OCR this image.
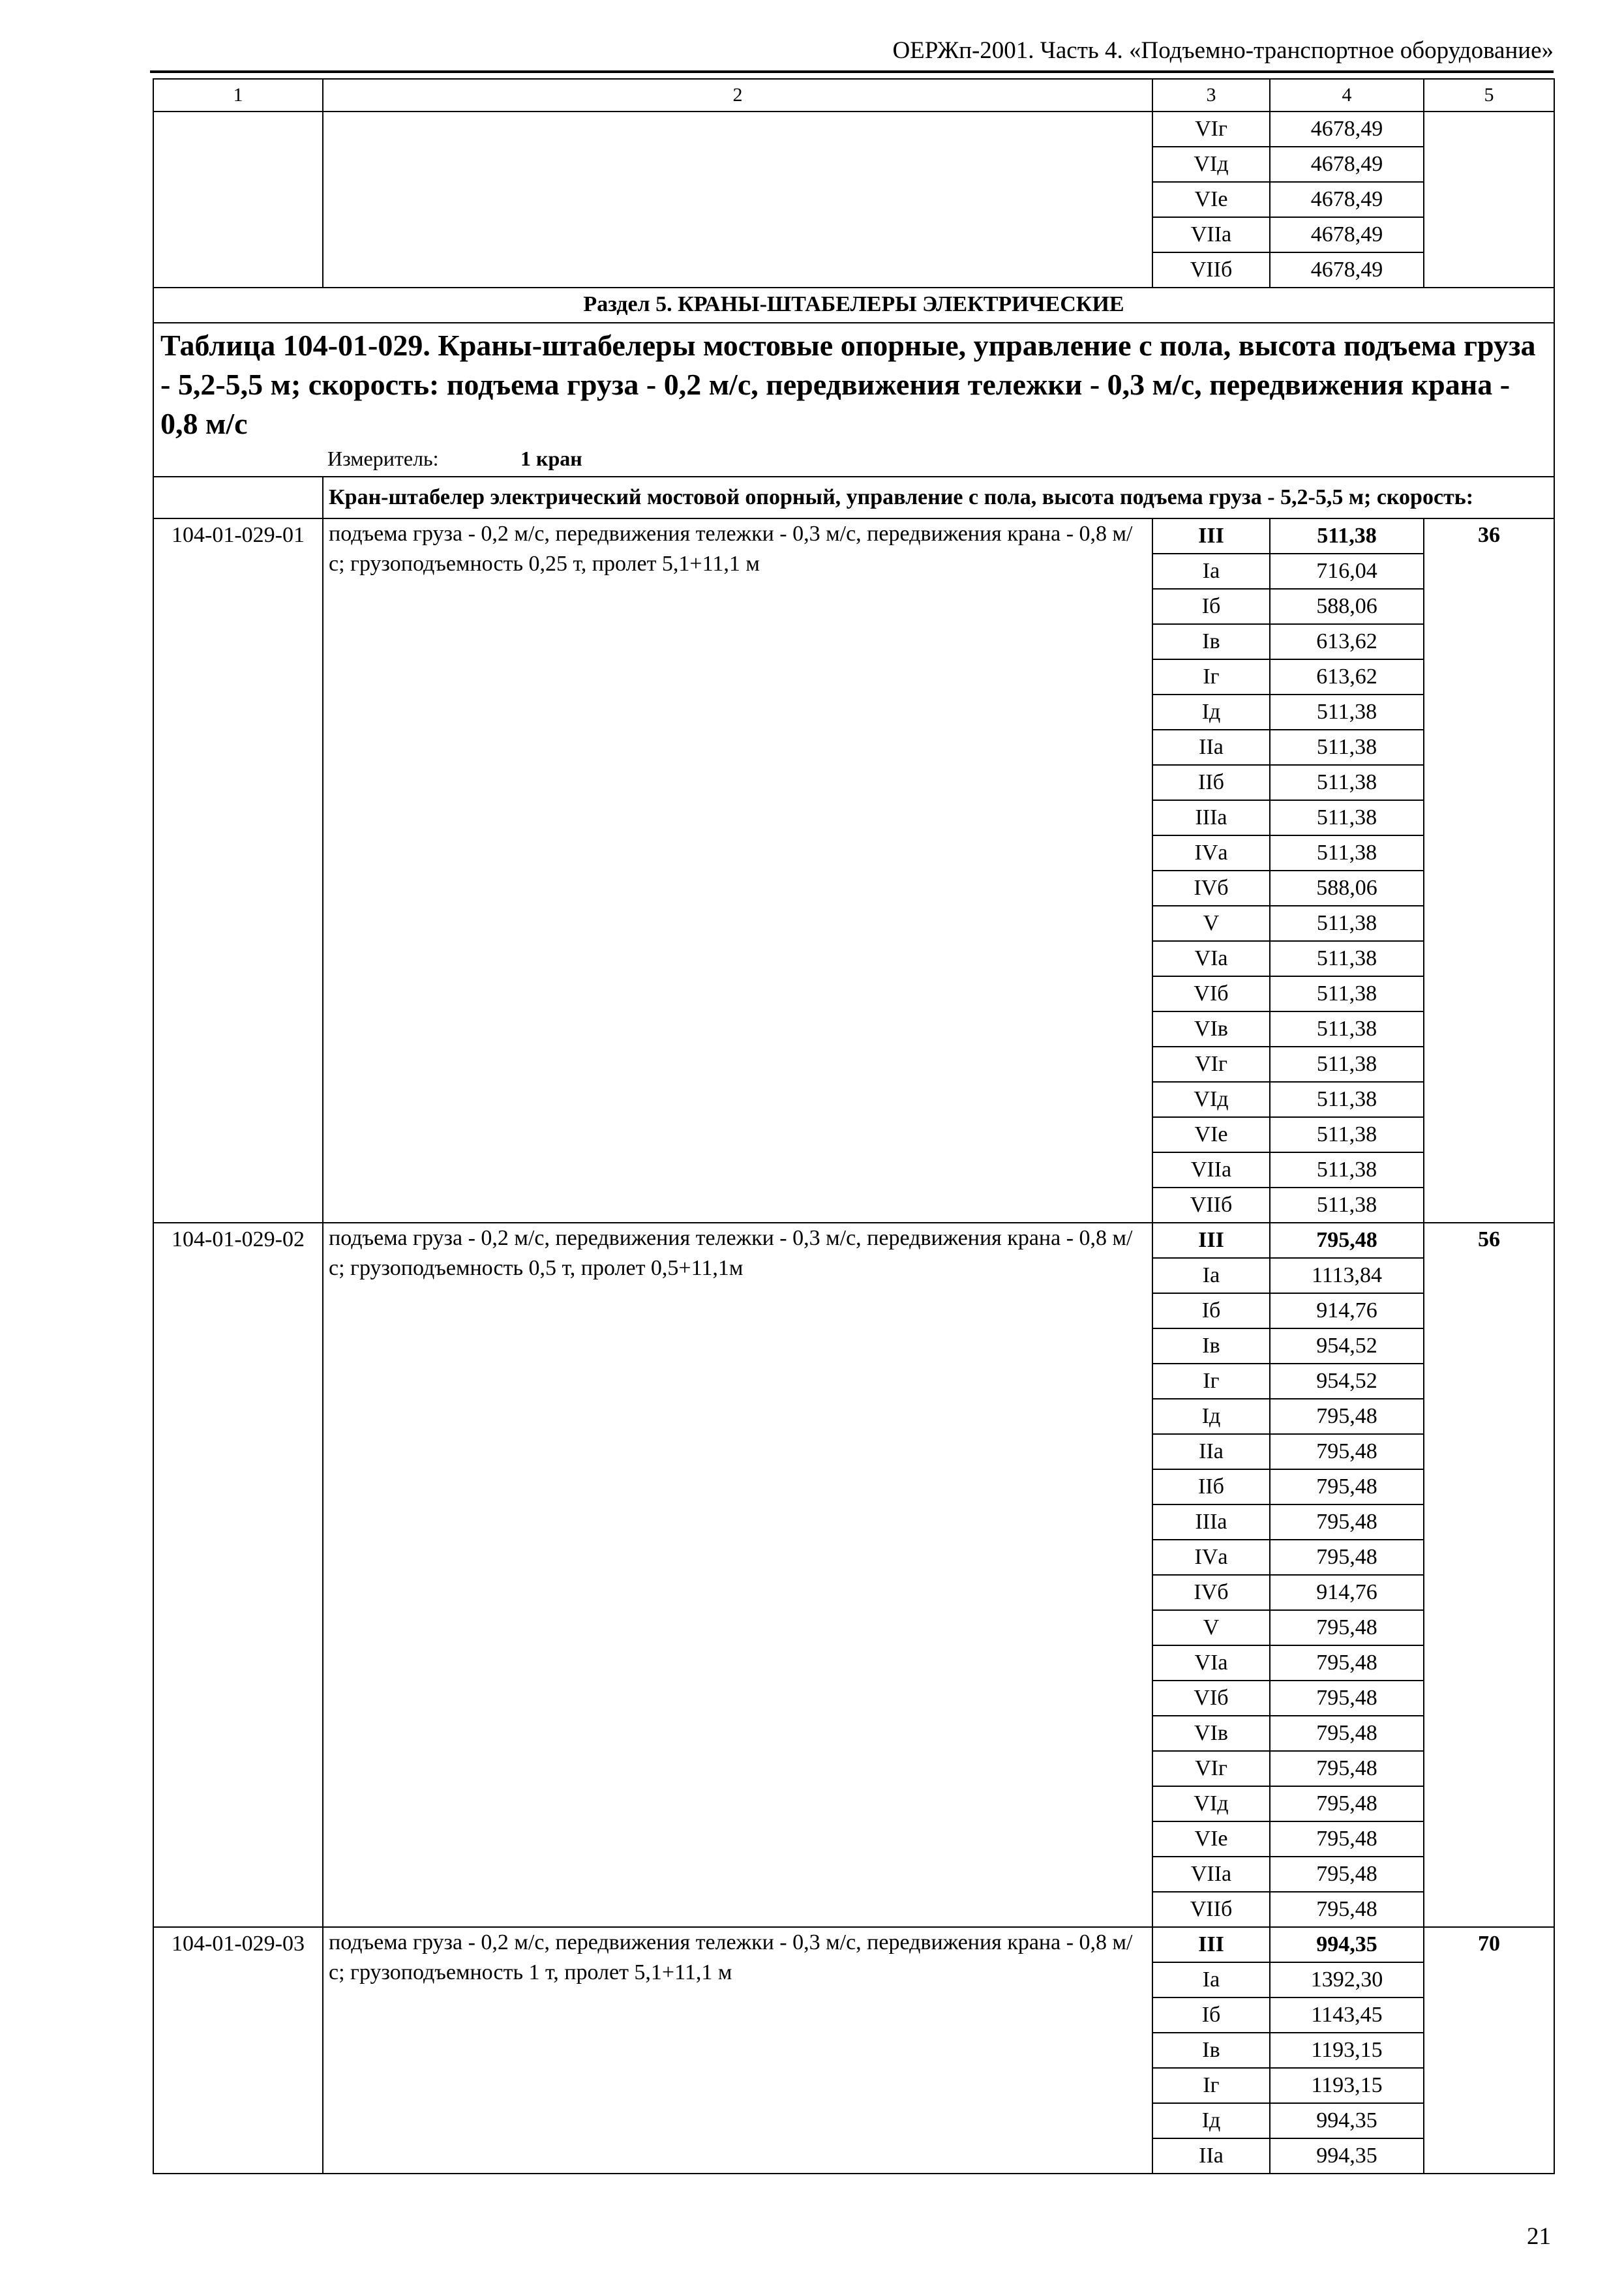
ОЕРЖп-2001. Часть 4. «Подъемно-транспортное оборудование»
1	2	3	4	5
		VIг	4678,49	
		VIд	4678,49	
		VIе	4678,49	
		VIIа	4678,49	
		VIIб	4678,49	
Раздел 5. КРАНЫ-ШТАБЕЛЕРЫ ЭЛЕКТРИЧЕСКИЕ				

Таблица 104-01-029. Краны-штабелеры мостовые опорные, управление с пола, высота подъема груза - 5,2-5,5 м; скорость: подъема груза - 0,2 м/с, передвижения тележки - 0,3 м/с, передвижения крана - 0,8 м/с
Измеритель: 1 кран				

	Кран-штабелер электрический мостовой опорный, управление с пола, высота подъема груза - 5,2-5,5 м; скорость:			
104-01-029-01	подъема груза - 0,2 м/с, передвижения тележки - 0,3 м/с, передвижения крана - 0,8 м/с; грузоподъемность 0,25 т, пролет 5,1+11,1 м	III	511,38	36
		Iа	716,04	
		Iб	588,06	
		Iв	613,62	
		Iг	613,62	
		Iд	511,38	
		IIа	511,38	
		IIб	511,38	
		IIIа	511,38	
		IVа	511,38	
		IVб	588,06	
		V	511,38	
		VIа	511,38	
		VIб	511,38	
		VIв	511,38	
		VIг	511,38	
		VIд	511,38	
		VIе	511,38	
		VIIа	511,38	
		VIIб	511,38	
104-01-029-02	подъема груза - 0,2 м/с, передвижения тележки - 0,3 м/с, передвижения крана - 0,8 м/с; грузоподъемность 0,5 т, пролет 0,5+11,1м	III	795,48	56
		Iа	1113,84	
		Iб	914,76	
		Iв	954,52	
		Iг	954,52	
		Iд	795,48	
		IIа	795,48	
		IIб	795,48	
		IIIа	795,48	
		IVа	795,48	
		IVб	914,76	
		V	795,48	
		VIа	795,48	
		VIб	795,48	
		VIв	795,48	
		VIг	795,48	
		VIд	795,48	
		VIе	795,48	
		VIIа	795,48	
		VIIб	795,48	
104-01-029-03	подъема груза - 0,2 м/с, передвижения тележки - 0,3 м/с, передвижения крана - 0,8 м/с; грузоподъемность 1 т, пролет 5,1+11,1 м	III	994,35	70
		Iа	1392,30	
		Iб	1143,45	
		Iв	1193,15	
		Iг	1193,15	
		Iд	994,35	
		IIа	994,35	
21
